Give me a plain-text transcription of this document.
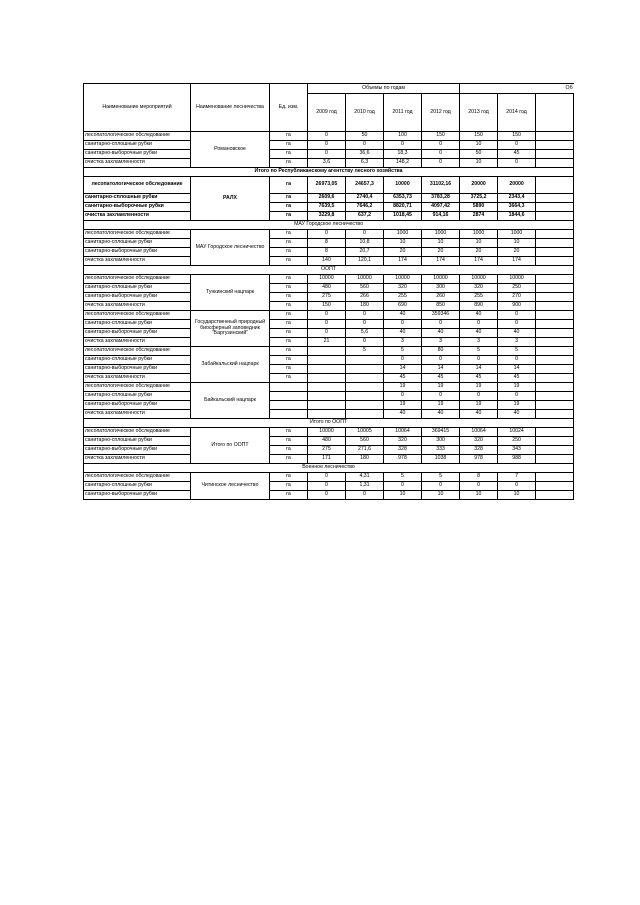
Наименование мероприятий	Наименование лесничества	Ед. изм.	Объемы по годам				Об		
			2009 год	2010 год	2011 год	2012 год	2013 год	2014 год	
лесопатологическое обследование	Романовское	га	0	50	100	150	150	150	
санитарно-сплошные рубки		га	0	0	0	0	10	0	
санитарно-выборочные рубки		га	0	36,6	18,3	0	50	45	
очистка захламленности		га	3,6	6,3	148,2	0	10	0	
Итого по Республиканскому агентству лесного хозяйства									
лесопатологическое обследование	РАЛХ	га	26973,05	24657,3	10000	31102,16	20000	20000	
санитарно-сплошные рубки		га	2609,6	2740,4	6353,73	3783,28	3725,2	2343,4	
санитарно-выборочные рубки		га	7639,5	7646,2	8820,71	4097,42	5890	3664,3	
очистка захламленности		га	3229,8	637,2	1018,45	914,16	2874	1844,6	
МАУ Городское лесничество									
лесопатологическое обследование	МАУ Городское лесничество	га	0	0	1000	1000	1000	1000	
санитарно-сплошные рубки		га	8	10,8	10	10	10	10	
санитарно-выборочные рубки		га	8	20,7	20	20	20	20	
очистка захламленности		га	140	120,1	174	174	174	174	
ООПТ									
лесопатологическое обследование	Тункинский нацпарк	га	10000	10000	10000	10000	10000	10000	
санитарно-сплошные рубки		га	480	560	320	300	320	250	
санитарно-выборочные рубки		га	275	266	255	260	255	270	
очистка захламленности		га	150	180	690	850	890	900	
лесопатологическое обследование	Государственный природный биосферный заповедник "Баргузинский"	га	0	0	40	359346	40	0	
санитарно-сплошные рубки		га	0	0	0	0	0	0	
санитарно-выборочные рубки		га	0	5,6	40	40	40	40	
очистка захламленности		га	21	0	3	3	3	3	
лесопатологическое обследование	Забайкальский нацпарк	га		5	5	80	5	5	
санитарно-сплошные рубки		га			0	0	0	0	
санитарно-выборочные рубки		га			14	14	14	14	
очистка захламленности		га			45	45	45	45	
лесопатологическое обследование	Байкальский нацпарк				19	19	19	19	
санитарно-сплошные рубки					0	0	0	0	
санитарно-выборочные рубки					19	19	19	19	
очистка захламленности					40	40	40	40	
Итого по ООПТ									
лесопатологическое обследование	Итого по ООПТ	га	10000	10005	10064	369415	10064	10024	
санитарно-сплошные рубки		га	480	560	320	300	320	250	
санитарно-выборочные рубки		га	275	271,6	328	333	328	343	
очистка захламленности		га	171	180	978	1038	978	988	
Военное лесничество									
лесопатологическое обследование	Читинское лесничество	га	0	4,31	5	5	8	7	
санитарно-сплошные рубки		га	0	1,31	0	0	0	0	
санитарно-выборочные рубки		га	0	0	10	10	10	10	
